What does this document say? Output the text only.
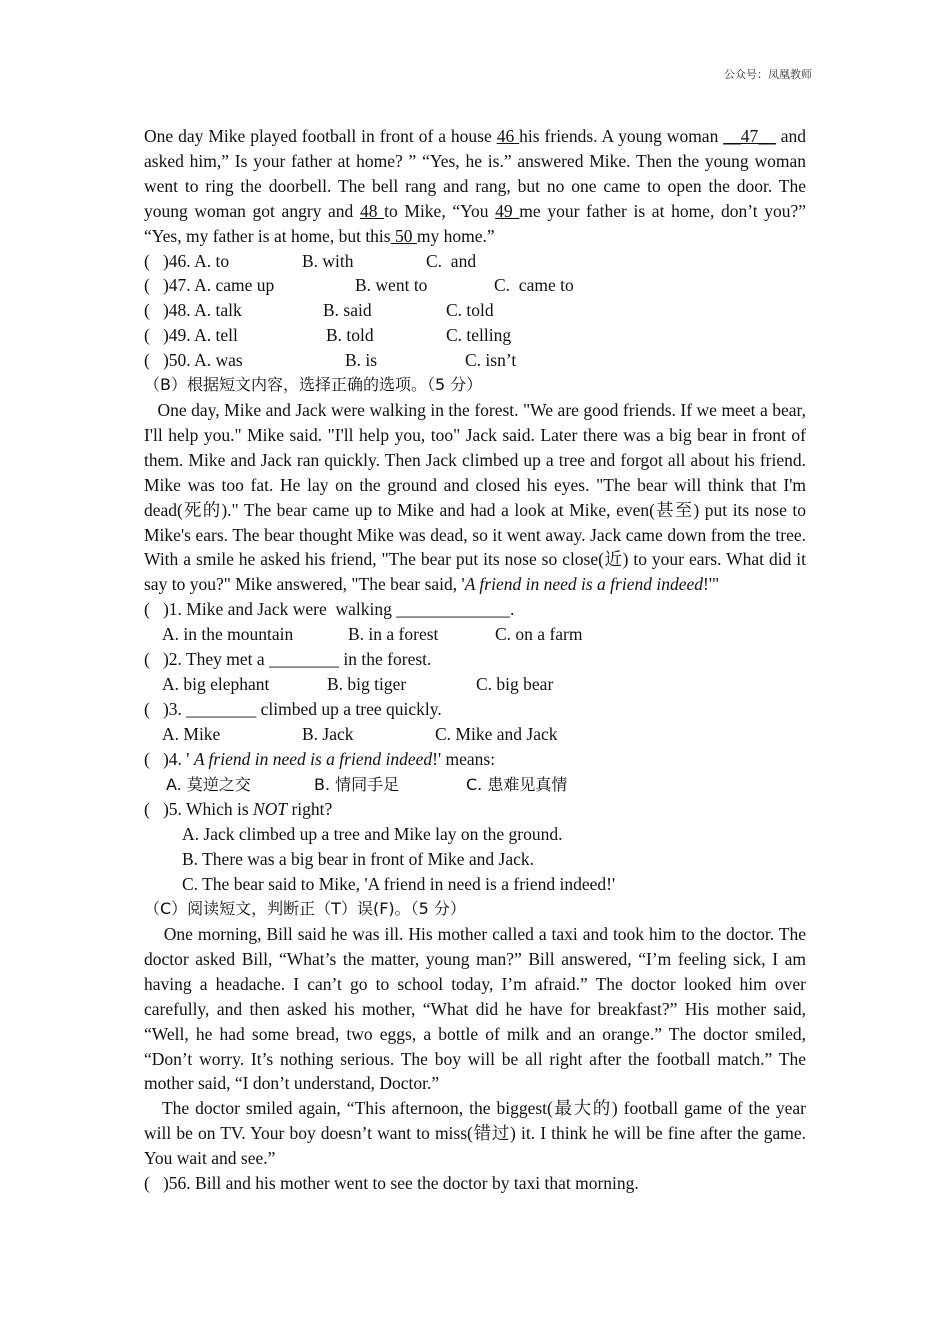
公众号：凤凰教师
One day Mike played football in front of a house 46 his friends. A young woman __47__ and asked him,” Is your father at home? ” “Yes, he is.” answered Mike. Then the young woman went to ring the doorbell. The bell rang and rang, but no one came to open the door. The young woman got angry and 48 to Mike, “You 49 me your father is at home, don’t you?” “Yes, my father is at home, but this 50 my home.”
(   )46. A. to	B. with	C.  and
(   )47. A. came up	B. went to	C.  came to
(   )48. A. talk	B. said	C. told
(   )49. A. tell	B. told	C. telling
(   )50. A. was	B. is	C. isn’t
（B）根据短文内容，选择正确的选项。（5 分）
One day, Mike and Jack were walking in the forest. "We are good friends. If we meet a bear, I'll help you." Mike said. "I'll help you, too" Jack said. Later there was a big bear in front of them. Mike and Jack ran quickly. Then Jack climbed up a tree and forgot all about his friend. Mike was too fat. He lay on the ground and closed his eyes. "The bear will think that I'm dead(死的)." The bear came up to Mike and had a look at Mike, even(甚至) put its nose to Mike's ears. The bear thought Mike was dead, so it went away. Jack came down from the tree. With a smile he asked his friend, "The bear put its nose so close(近) to your ears. What did it say to you?" Mike answered, "The bear said, 'A friend in need is a friend indeed!'"
(   )1. Mike and Jack were  walking _____________.
A. in the mountain	B. in a forest	C. on a farm
(   )2. They met a ________ in the forest.
A. big elephant	B. big tiger	C. big bear
(   )3. ________ climbed up a tree quickly.
A. Mike	B. Jack	C. Mike and Jack
(   )4. ' A friend in need is a friend indeed!' means:
A. 莫逆之交	B. 情同手足	C. 患难见真情
(   )5. Which is NOT right?
A. Jack climbed up a tree and Mike lay on the ground.
B. There was a big bear in front of Mike and Jack.
C. The bear said to Mike, 'A friend in need is a friend indeed!'
（C）阅读短文，判断正（T）误(F)。（5 分）
One morning, Bill said he was ill. His mother called a taxi and took him to the doctor. The doctor asked Bill, “What’s the matter, young man?” Bill answered, “I’m feeling sick, I am having a headache. I can’t go to school today, I’m afraid.” The doctor looked him over carefully, and then asked his mother, “What did he have for breakfast?” His mother said, “Well, he had some bread, two eggs, a bottle of milk and an orange.” The doctor smiled, “Don’t worry. It’s nothing serious. The boy will be all right after the football match.” The mother said, “I don’t understand, Doctor.”
The doctor smiled again, “This afternoon, the biggest(最大的) football game of the year will be on TV. Your boy doesn’t want to miss(错过) it. I think he will be fine after the game. You wait and see.”
(   )56. Bill and his mother went to see the doctor by taxi that morning.
